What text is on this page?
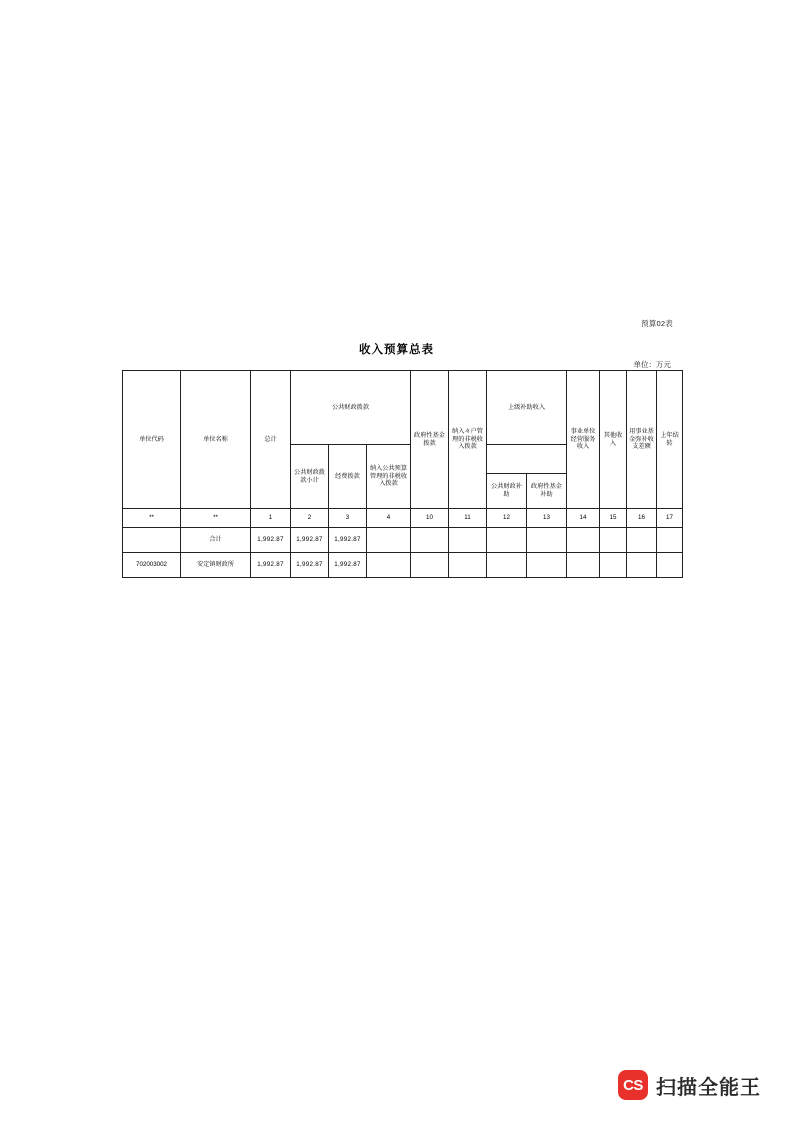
预算02表
收入预算总表
单位：万元
单位代码	单位名称	总计	公共财政拨款			政府性基金拨款	纳入々户管理的非税收入拨款	上级补助收入		事业单位经营服务收入	其他收入	用事业基金弥补收支差额	上年结转
			公共财政拨款小计	经费拨款	纳入公共预算管理的非税收入拨款								
								公共财政补助	政府性基金补助				
**	**	1	2	3	4	10	11	12	13	14	15	16	17
	合计	1,992.87	1,992.87	1,992.87									
702003002	安定镇财政所	1,992.87	1,992.87	1,992.87									
CS 扫描全能王
